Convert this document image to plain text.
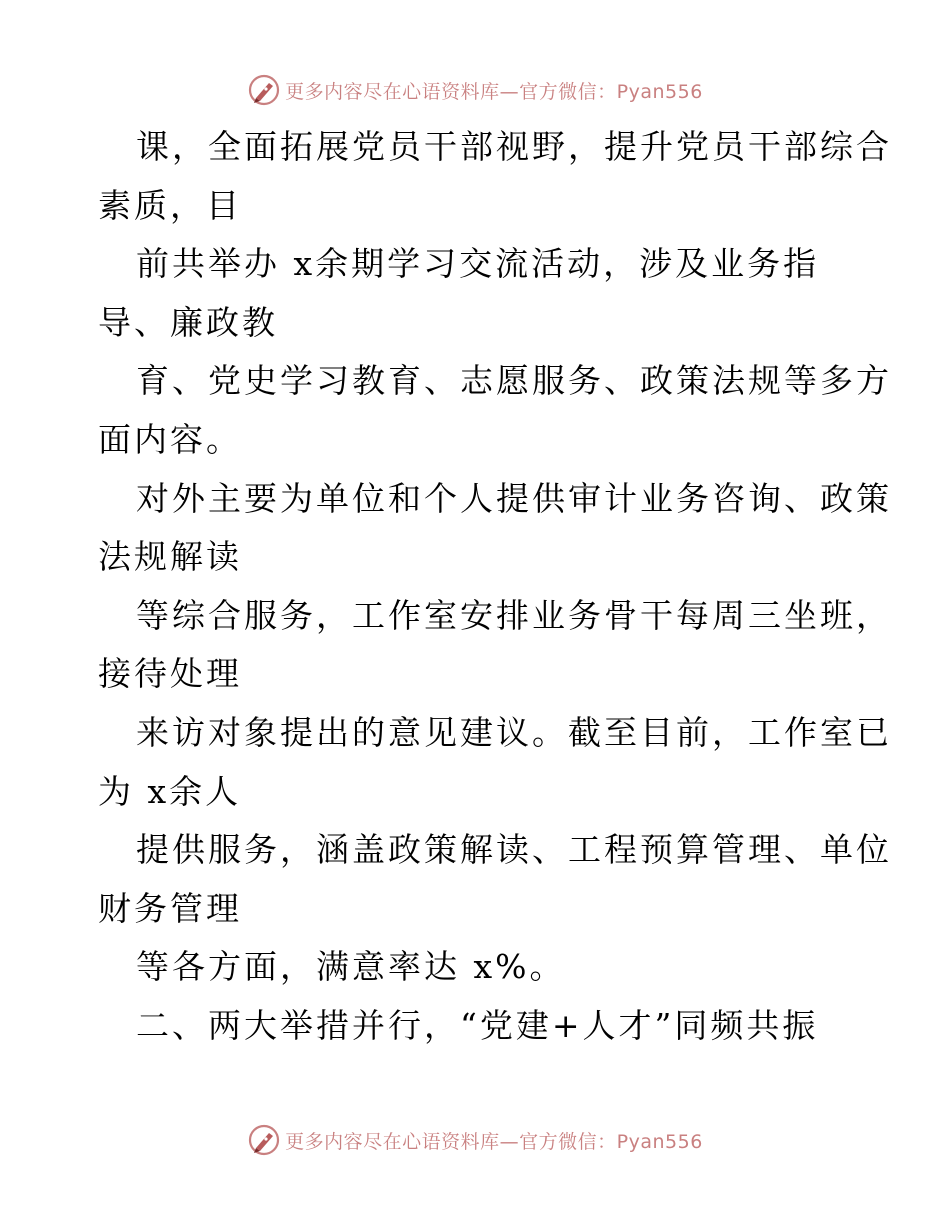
更多内容尽在心语资料库—官方微信：Pyan556
课，全面拓展党员干部视野，提升党员干部综合
素质，目
前共举办 x余期学习交流活动，涉及业务指
导、廉政教
育、党史学习教育、志愿服务、政策法规等多方
面内容。
对外主要为单位和个人提供审计业务咨询、政策
法规解读
等综合服务，工作室安排业务骨干每周三坐班，
接待处理
来访对象提出的意见建议。截至目前，工作室已
为 x余人
提供服务，涵盖政策解读、工程预算管理、单位
财务管理
等各方面，满意率达 x%。
二、两大举措并行，“党建+人才”同频共振
更多内容尽在心语资料库—官方微信：Pyan556
